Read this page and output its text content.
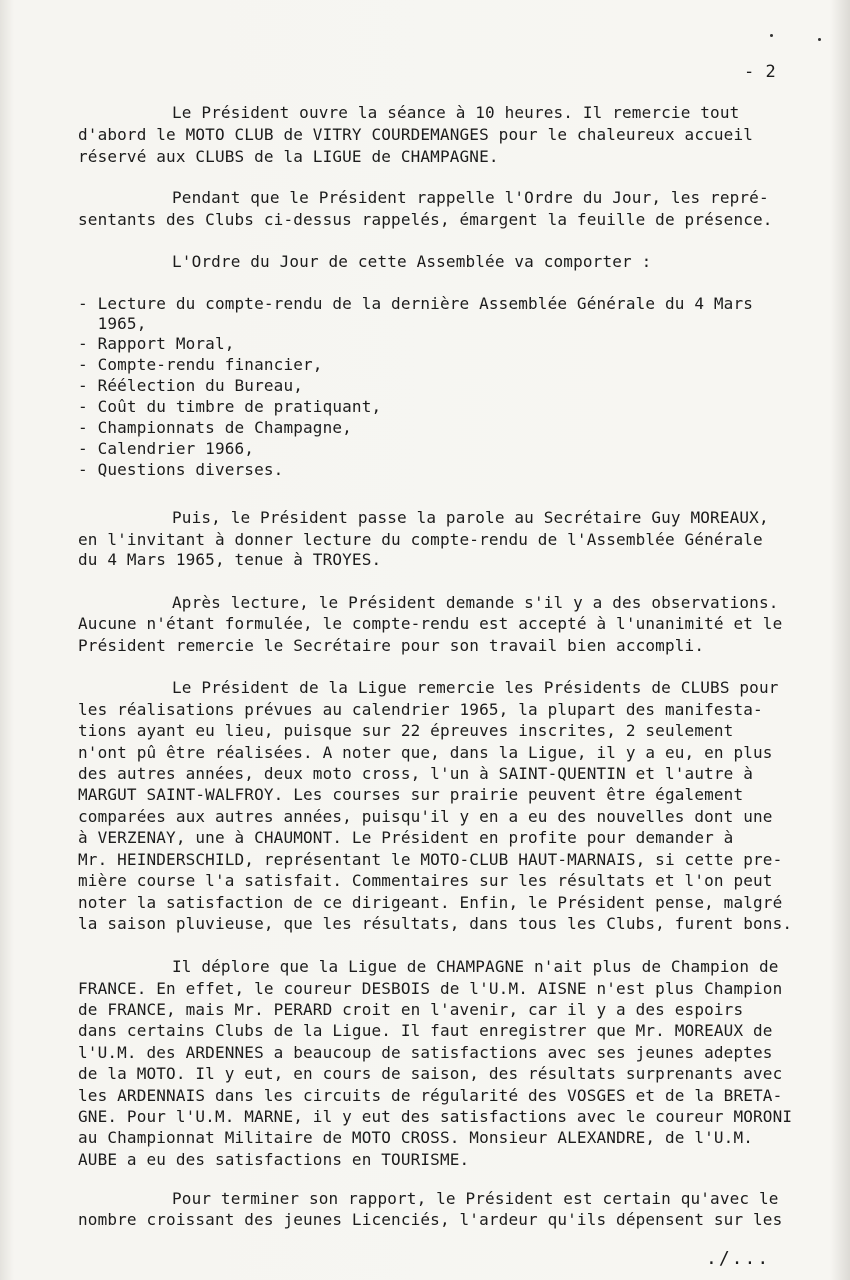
- 2
Le Président ouvre la séance à 10 heures. Il remercie tout
d'abord le MOTO CLUB de VITRY COURDEMANGES pour le chaleureux accueil
réservé aux CLUBS de la LIGUE de CHAMPAGNE.
Pendant que le Président rappelle l'Ordre du Jour, les repré-
sentants des Clubs ci-dessus rappelés, émargent la feuille de présence.
L'Ordre du Jour de cette Assemblée va comporter :
- Lecture du compte-rendu de la dernière Assemblée Générale du 4 Mars
1965,
- Rapport Moral,
- Compte-rendu financier,
- Réélection du Bureau,
- Coût du timbre de pratiquant,
- Championnats de Champagne,
- Calendrier 1966,
- Questions diverses.
Puis, le Président passe la parole au Secrétaire Guy MOREAUX,
en l'invitant à donner lecture du compte-rendu de l'Assemblée Générale
du 4 Mars 1965, tenue à TROYES.
Après lecture, le Président demande s'il y a des observations.
Aucune n'étant formulée, le compte-rendu est accepté à l'unanimité et le
Président remercie le Secrétaire pour son travail bien accompli.
Le Président de la Ligue remercie les Présidents de CLUBS pour
les réalisations prévues au calendrier 1965, la plupart des manifesta-
tions ayant eu lieu, puisque sur 22 épreuves inscrites, 2 seulement
n'ont pû être réalisées. A noter que, dans la Ligue, il y a eu, en plus
des autres années, deux moto cross, l'un à SAINT-QUENTIN et l'autre à
MARGUT SAINT-WALFROY. Les courses sur prairie peuvent être également
comparées aux autres années, puisqu'il y en a eu des nouvelles dont une
à VERZENAY, une à CHAUMONT. Le Président en profite pour demander à
Mr. HEINDERSCHILD, représentant le MOTO-CLUB HAUT-MARNAIS, si cette pre-
mière course l'a satisfait. Commentaires sur les résultats et l'on peut
noter la satisfaction de ce dirigeant. Enfin, le Président pense, malgré
la saison pluvieuse, que les résultats, dans tous les Clubs, furent bons.
Il déplore que la Ligue de CHAMPAGNE n'ait plus de Champion de
FRANCE. En effet, le coureur DESBOIS de l'U.M. AISNE n'est plus Champion
de FRANCE, mais Mr. PERARD croit en l'avenir, car il y a des espoirs
dans certains Clubs de la Ligue. Il faut enregistrer que Mr. MOREAUX de
l'U.M. des ARDENNES a beaucoup de satisfactions avec ses jeunes adeptes
de la MOTO. Il y eut, en cours de saison, des résultats surprenants avec
les ARDENNAIS dans les circuits de régularité des VOSGES et de la BRETA-
GNE. Pour l'U.M. MARNE, il y eut des satisfactions avec le coureur MORONI
au Championnat Militaire de MOTO CROSS. Monsieur ALEXANDRE, de l'U.M.
AUBE a eu des satisfactions en TOURISME.
Pour terminer son rapport, le Président est certain qu'avec le
nombre croissant des jeunes Licenciés, l'ardeur qu'ils dépensent sur les
./...
